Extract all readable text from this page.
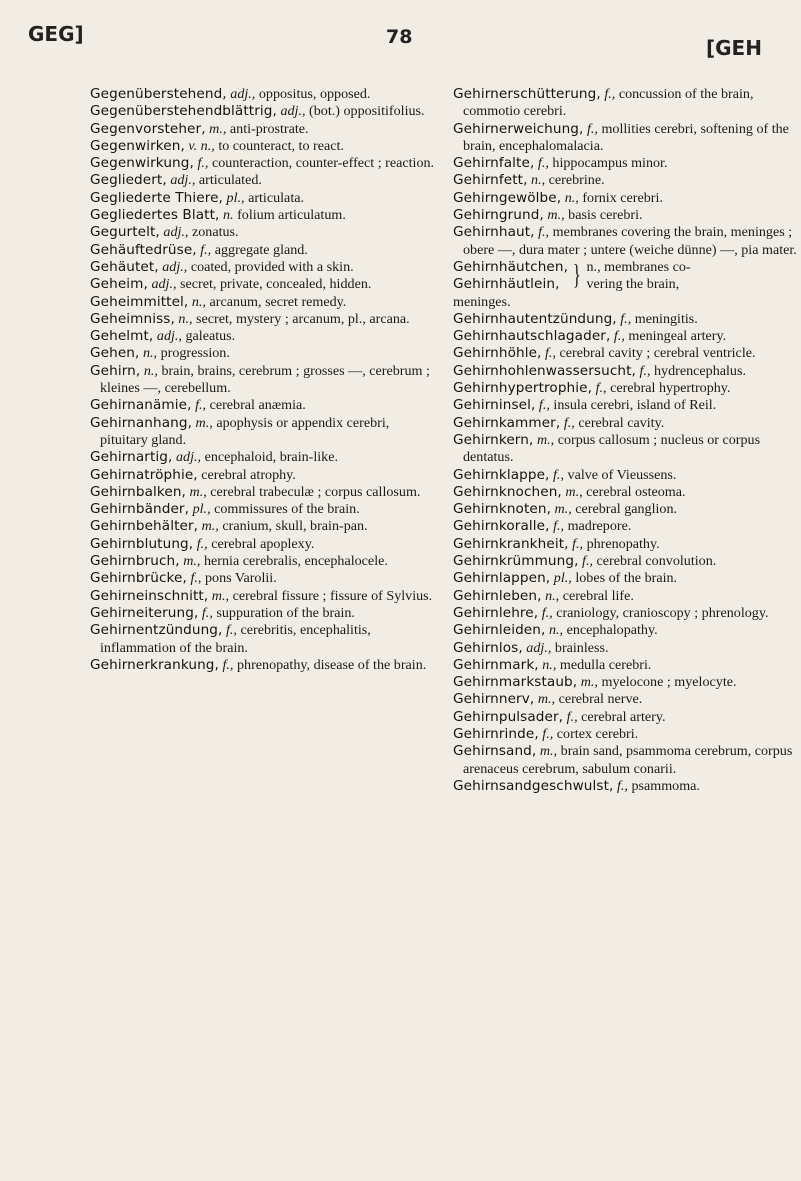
GEG]	78	[GEH

Gegenüberstehend, adj., oppositus, opposed.

Gegenüberstehendblättrig, adj., (bot.) oppositifolius.

Gegenvorsteher, m., anti-prostrate.

Gegenwirken, v. n., to counteract, to react.

Gegenwirkung, f., counteraction, counter-effect ; reaction.

Gegliedert, adj., articulated.

Gegliederte Thiere, pl., articulata.

Gegliedertes Blatt, n. folium articulatum.

Gegurtelt, adj., zonatus.

Gehäuftedrüse, f., aggregate gland.

Gehäutet, adj., coated, provided with a skin.

Geheim, adj., secret, private, concealed, hidden.

Geheimmittel, n., arcanum, secret remedy.

Geheimniss, n., secret, mystery ; arcanum, pl., arcana.

Gehelmt, adj., galeatus.

Gehen, n., progression.

Gehirn, n., brain, brains, cerebrum ; grosses —, cerebrum ; kleines —, cerebellum.

Gehirnanämie, f., cerebral anæmia.

Gehirnanhang, m., apophysis or appendix cerebri, pituitary gland.

Gehirnartig, adj., encephaloid, brain-like.

Gehirnatröphie, cerebral atrophy.

Gehirnbalken, m., cerebral trabeculæ ; corpus callosum.

Gehirnbänder, pl., commissures of the brain.

Gehirnbehälter, m., cranium, skull, brain-pan.

Gehirnblutung, f., cerebral apoplexy.

Gehirnbruch, m., hernia cerebralis, encephalocele.

Gehirnbrücke, f., pons Varolii.

Gehirneinschnitt, m., cerebral fissure ; fissure of Sylvius.

Gehirneiterung, f., suppuration of the brain.

Gehirnentzündung, f., cerebritis, encephalitis, inflammation of the brain.

Gehirnerkrankung, f., phrenopathy, disease of the brain.

Gehirnerschütterung, f., concussion of the brain, commotio cerebri.

Gehirnerweichung, f., mollities cerebri, softening of the brain, encephalomalacia.

Gehirnfalte, f., hippocampus minor.

Gehirnfett, n., cerebrine.

Gehirngewölbe, n., fornix cerebri.

Gehirngrund, m., basis cerebri.

Gehirnhaut, f., membranes covering the brain, meninges ; obere —, dura mater ; untere (weiche dünne) —, pia mater.

Gehirnhäutchen,
Gehirnhäutlein, } n., membranes co-
vering the brain,

meninges.

Gehirnhautentzündung, f., meningitis.

Gehirnhautschlagader, f., meningeal artery.

Gehirnhöhle, f., cerebral cavity ; cerebral ventricle.

Gehirnhohlenwassersucht, f., hydrencephalus.

Gehirnhypertrophie, f., cerebral hypertrophy.

Gehirninsel, f., insula cerebri, island of Reil.

Gehirnkammer, f., cerebral cavity.

Gehirnkern, m., corpus callosum ; nucleus or corpus dentatus.

Gehirnklappe, f., valve of Vieussens.

Gehirnknochen, m., cerebral osteoma.

Gehirnknoten, m., cerebral ganglion.

Gehirnkoralle, f., madrepore.

Gehirnkrankheit, f., phrenopathy.

Gehirnkrümmung, f., cerebral convolution.

Gehirnlappen, pl., lobes of the brain.

Gehirnleben, n., cerebral life.

Gehirnlehre, f., craniology, cranioscopy ; phrenology.

Gehirnleiden, n., encephalopathy.

Gehirnlos, adj., brainless.

Gehirnmark, n., medulla cerebri.

Gehirnmarkstaub, m., myelocone ; myelocyte.

Gehirnnerv, m., cerebral nerve.

Gehirnpulsader, f., cerebral artery.

Gehirnrinde, f., cortex cerebri.

Gehirnsand, m., brain sand, psammoma cerebrum, corpus arenaceus cerebrum, sabulum conarii.

Gehirnsandgeschwulst, f., psammoma.
